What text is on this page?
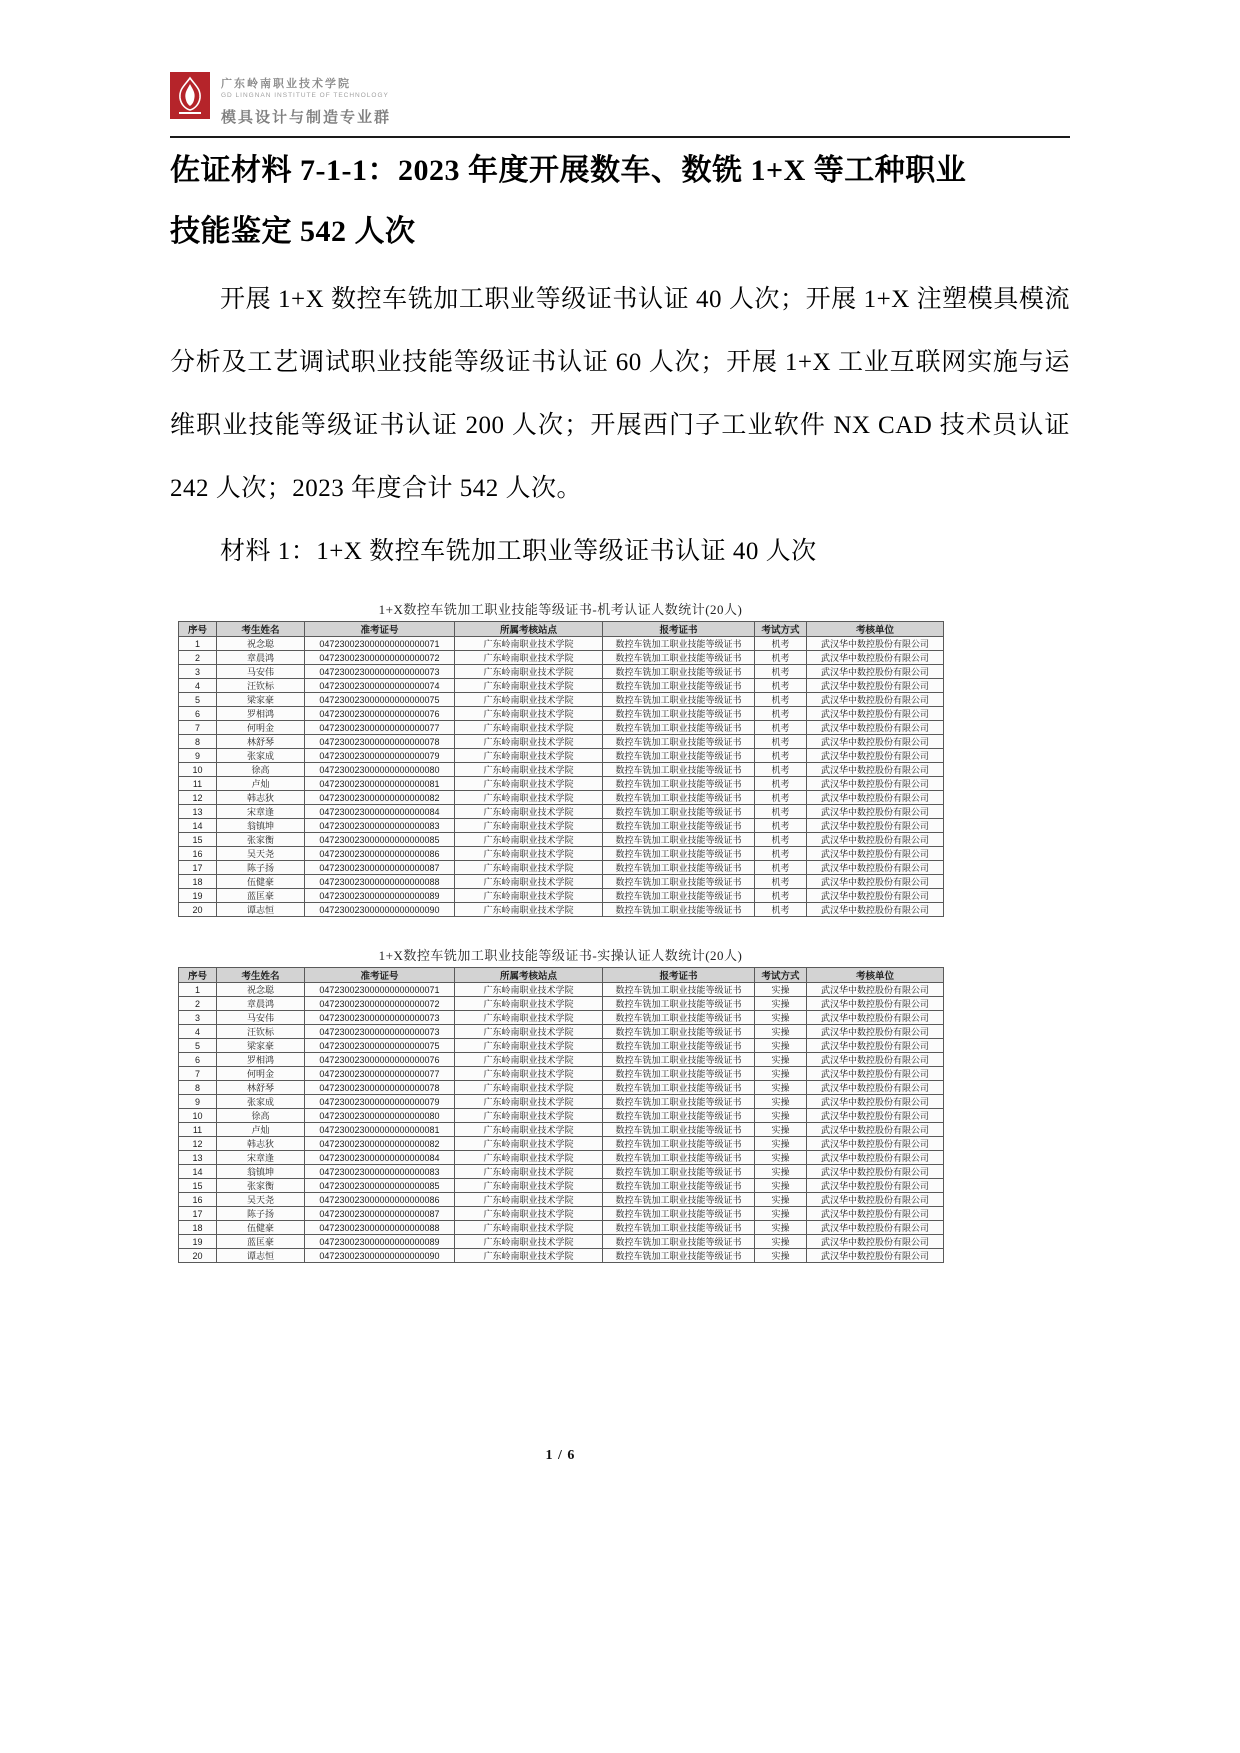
广东岭南职业技术学院
GD LINGNAN INSTITUTE OF TECHNOLOGY
模具设计与制造专业群
佐证材料 7-1-1：2023 年度开展数车、数铣 1+X 等工种职业
技能鉴定 542 人次

开展 1+X 数控车铣加工职业等级证书认证 40 人次；开展 1+X 注塑模具模流分析及工艺调试职业技能等级证书认证 60 人次；开展 1+X 工业互联网实施与运维职业技能等级证书认证 200 人次；开展西门子工业软件 NX CAD 技术员认证 242 人次；2023 年度合计 542 人次。

材料 1：1+X 数控车铣加工职业等级证书认证 40 人次

1+X数控车铣加工职业技能等级证书-机考认证人数统计(20人)
序号	考生姓名	准考证号	所属考核站点	报考证书	考试方式	考核单位
1	祝念聪	047230023000000000000071	广东岭南职业技术学院	数控车铣加工职业技能等级证书	机考	武汉华中数控股份有限公司
2	章晨鸿	047230023000000000000072	广东岭南职业技术学院	数控车铣加工职业技能等级证书	机考	武汉华中数控股份有限公司
3	马安伟	047230023000000000000073	广东岭南职业技术学院	数控车铣加工职业技能等级证书	机考	武汉华中数控股份有限公司
4	汪钦标	047230023000000000000074	广东岭南职业技术学院	数控车铣加工职业技能等级证书	机考	武汉华中数控股份有限公司
5	梁家豪	047230023000000000000075	广东岭南职业技术学院	数控车铣加工职业技能等级证书	机考	武汉华中数控股份有限公司
6	罗相鸿	047230023000000000000076	广东岭南职业技术学院	数控车铣加工职业技能等级证书	机考	武汉华中数控股份有限公司
7	何明金	047230023000000000000077	广东岭南职业技术学院	数控车铣加工职业技能等级证书	机考	武汉华中数控股份有限公司
8	林舒琴	047230023000000000000078	广东岭南职业技术学院	数控车铣加工职业技能等级证书	机考	武汉华中数控股份有限公司
9	张家成	047230023000000000000079	广东岭南职业技术学院	数控车铣加工职业技能等级证书	机考	武汉华中数控股份有限公司
10	徐高	047230023000000000000080	广东岭南职业技术学院	数控车铣加工职业技能等级证书	机考	武汉华中数控股份有限公司
11	卢灿	047230023000000000000081	广东岭南职业技术学院	数控车铣加工职业技能等级证书	机考	武汉华中数控股份有限公司
12	韩志狄	047230023000000000000082	广东岭南职业技术学院	数控车铣加工职业技能等级证书	机考	武汉华中数控股份有限公司
13	宋章逢	047230023000000000000084	广东岭南职业技术学院	数控车铣加工职业技能等级证书	机考	武汉华中数控股份有限公司
14	翁镇坤	047230023000000000000083	广东岭南职业技术学院	数控车铣加工职业技能等级证书	机考	武汉华中数控股份有限公司
15	张家衡	047230023000000000000085	广东岭南职业技术学院	数控车铣加工职业技能等级证书	机考	武汉华中数控股份有限公司
16	吴天尧	047230023000000000000086	广东岭南职业技术学院	数控车铣加工职业技能等级证书	机考	武汉华中数控股份有限公司
17	陈子扬	047230023000000000000087	广东岭南职业技术学院	数控车铣加工职业技能等级证书	机考	武汉华中数控股份有限公司
18	伍健豪	047230023000000000000088	广东岭南职业技术学院	数控车铣加工职业技能等级证书	机考	武汉华中数控股份有限公司
19	蓝匡豪	047230023000000000000089	广东岭南职业技术学院	数控车铣加工职业技能等级证书	机考	武汉华中数控股份有限公司
20	谭志恒	047230023000000000000090	广东岭南职业技术学院	数控车铣加工职业技能等级证书	机考	武汉华中数控股份有限公司
1+X数控车铣加工职业技能等级证书-实操认证人数统计(20人)
序号	考生姓名	准考证号	所属考核站点	报考证书	考试方式	考核单位
1	祝念聪	047230023000000000000071	广东岭南职业技术学院	数控车铣加工职业技能等级证书	实操	武汉华中数控股份有限公司
2	章晨鸿	047230023000000000000072	广东岭南职业技术学院	数控车铣加工职业技能等级证书	实操	武汉华中数控股份有限公司
3	马安伟	047230023000000000000073	广东岭南职业技术学院	数控车铣加工职业技能等级证书	实操	武汉华中数控股份有限公司
4	汪钦标	047230023000000000000073	广东岭南职业技术学院	数控车铣加工职业技能等级证书	实操	武汉华中数控股份有限公司
5	梁家豪	047230023000000000000075	广东岭南职业技术学院	数控车铣加工职业技能等级证书	实操	武汉华中数控股份有限公司
6	罗相鸿	047230023000000000000076	广东岭南职业技术学院	数控车铣加工职业技能等级证书	实操	武汉华中数控股份有限公司
7	何明金	047230023000000000000077	广东岭南职业技术学院	数控车铣加工职业技能等级证书	实操	武汉华中数控股份有限公司
8	林舒琴	047230023000000000000078	广东岭南职业技术学院	数控车铣加工职业技能等级证书	实操	武汉华中数控股份有限公司
9	张家成	047230023000000000000079	广东岭南职业技术学院	数控车铣加工职业技能等级证书	实操	武汉华中数控股份有限公司
10	徐高	047230023000000000000080	广东岭南职业技术学院	数控车铣加工职业技能等级证书	实操	武汉华中数控股份有限公司
11	卢灿	047230023000000000000081	广东岭南职业技术学院	数控车铣加工职业技能等级证书	实操	武汉华中数控股份有限公司
12	韩志狄	047230023000000000000082	广东岭南职业技术学院	数控车铣加工职业技能等级证书	实操	武汉华中数控股份有限公司
13	宋章逢	047230023000000000000084	广东岭南职业技术学院	数控车铣加工职业技能等级证书	实操	武汉华中数控股份有限公司
14	翁镇坤	047230023000000000000083	广东岭南职业技术学院	数控车铣加工职业技能等级证书	实操	武汉华中数控股份有限公司
15	张家衡	047230023000000000000085	广东岭南职业技术学院	数控车铣加工职业技能等级证书	实操	武汉华中数控股份有限公司
16	吴天尧	047230023000000000000086	广东岭南职业技术学院	数控车铣加工职业技能等级证书	实操	武汉华中数控股份有限公司
17	陈子扬	047230023000000000000087	广东岭南职业技术学院	数控车铣加工职业技能等级证书	实操	武汉华中数控股份有限公司
18	伍健豪	047230023000000000000088	广东岭南职业技术学院	数控车铣加工职业技能等级证书	实操	武汉华中数控股份有限公司
19	蓝匡豪	047230023000000000000089	广东岭南职业技术学院	数控车铣加工职业技能等级证书	实操	武汉华中数控股份有限公司
20	谭志恒	047230023000000000000090	广东岭南职业技术学院	数控车铣加工职业技能等级证书	实操	武汉华中数控股份有限公司
1 / 6
